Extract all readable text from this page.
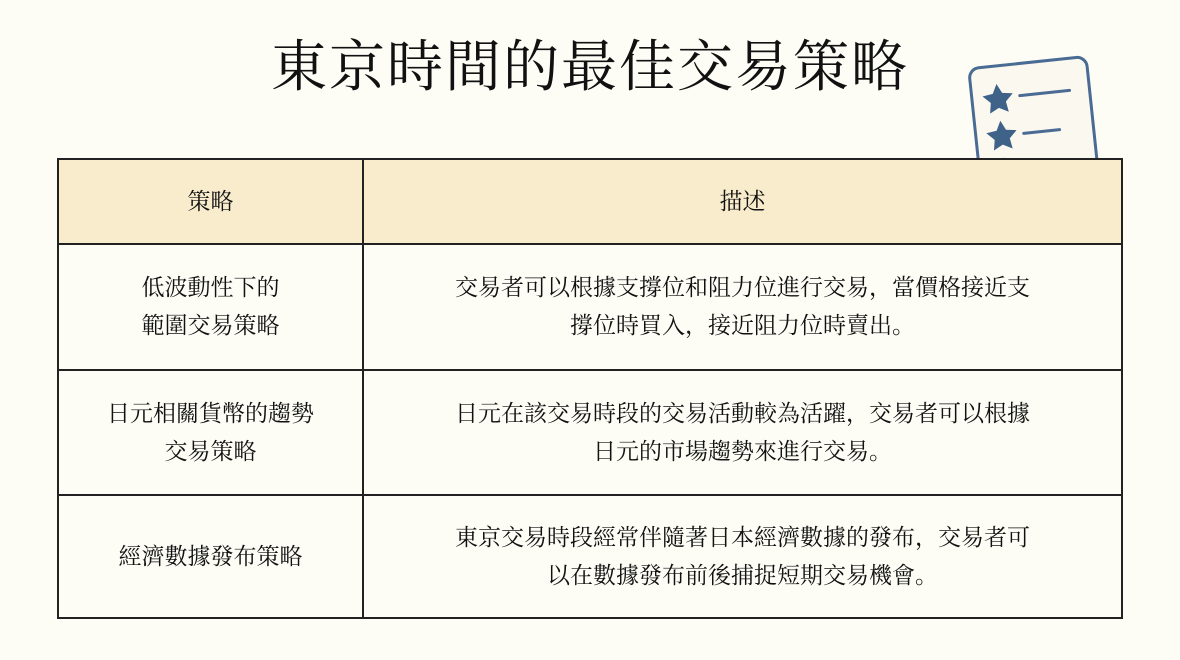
東京時間的最佳交易策略
策略	描述
低波動性下的
範圍交易策略
交易者可以根據支撐位和阻力位進行交易，當價格接近支
撐位時買入，接近阻力位時賣出。
日元相關貨幣的趨勢
交易策略
日元在該交易時段的交易活動較為活躍，交易者可以根據
日元的市場趨勢來進行交易。
經濟數據發布策略
東京交易時段經常伴隨著日本經濟數據的發布，交易者可
以在數據發布前後捕捉短期交易機會。
